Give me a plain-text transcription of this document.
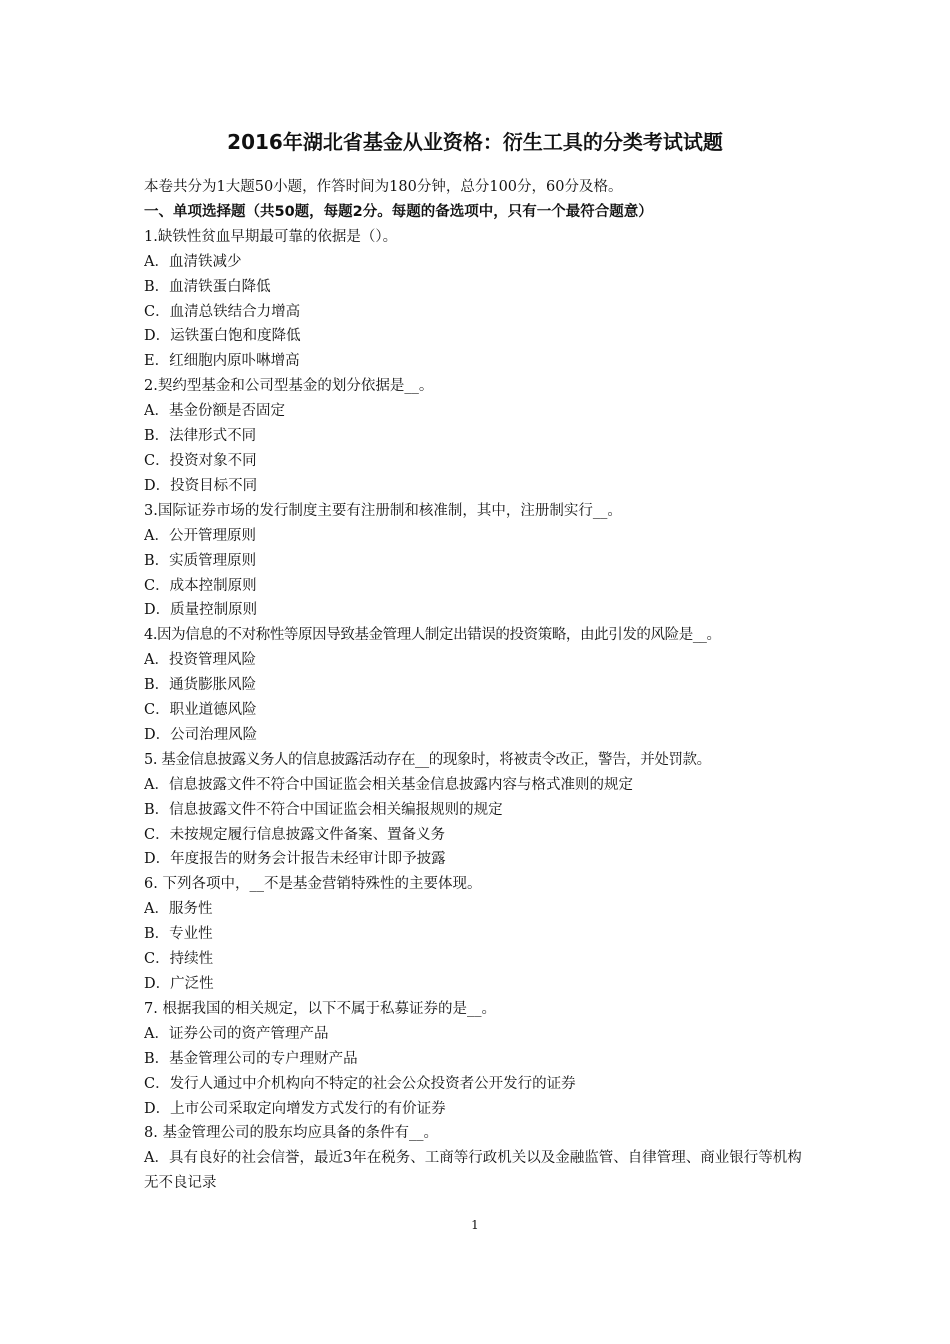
2016年湖北省基金从业资格：衍生工具的分类考试试题
本卷共分为1大题50小题，作答时间为180分钟，总分100分，60分及格。
一、单项选择题（共50题，每题2分。每题的备选项中，只有一个最符合题意）
1.缺铁性贫血早期最可靠的依据是（）。
A．血清铁减少
B．血清铁蛋白降低
C．血清总铁结合力增高
D．运铁蛋白饱和度降低
E．红细胞内原卟啉增高
2.契约型基金和公司型基金的划分依据是__。
A．基金份额是否固定
B．法律形式不同
C．投资对象不同
D．投资目标不同
3.国际证券市场的发行制度主要有注册制和核准制，其中，注册制实行__。
A．公开管理原则
B．实质管理原则
C．成本控制原则
D．质量控制原则
4.因为信息的不对称性等原因导致基金管理人制定出错误的投资策略，由此引发的风险是__。
A．投资管理风险
B．通货膨胀风险
C．职业道德风险
D．公司治理风险
5. 基金信息披露义务人的信息披露活动存在__的现象时，将被责令改正，警告，并处罚款。
A．信息披露文件不符合中国证监会相关基金信息披露内容与格式准则的规定
B．信息披露文件不符合中国证监会相关编报规则的规定
C．未按规定履行信息披露文件备案、置备义务
D．年度报告的财务会计报告未经审计即予披露
6. 下列各项中，__不是基金营销特殊性的主要体现。
A．服务性
B．专业性
C．持续性
D．广泛性
7. 根据我国的相关规定，以下不属于私募证券的是__。
A．证券公司的资产管理产品
B．基金管理公司的专户理财产品
C．发行人通过中介机构向不特定的社会公众投资者公开发行的证券
D．上市公司采取定向增发方式发行的有价证券
8. 基金管理公司的股东均应具备的条件有__。
A．具有良好的社会信誉，最近3年在税务、工商等行政机关以及金融监管、自律管理、商业银行等机构无不良记录
1
